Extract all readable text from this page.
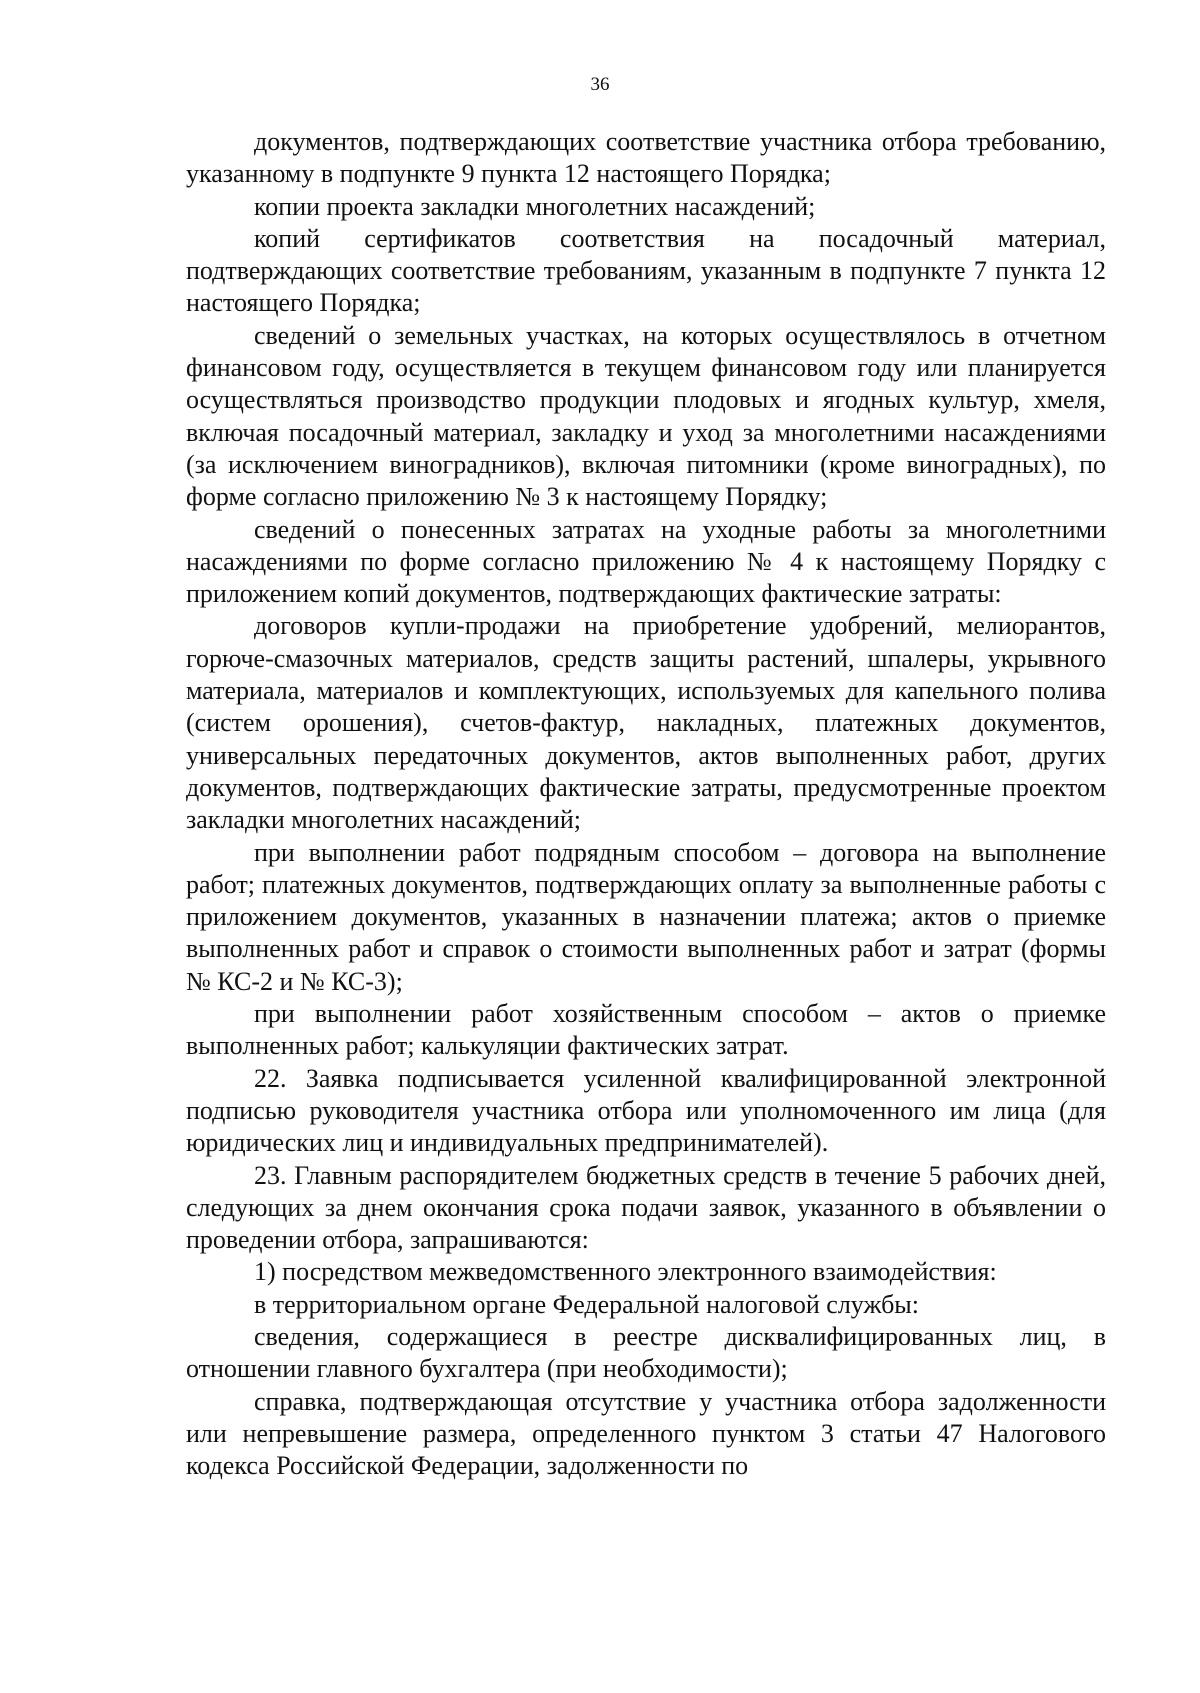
36

документов, подтверждающих соответствие участника отбора требованию, указанному в подпункте 9 пункта 12 настоящего Порядка;

копии проекта закладки многолетних насаждений;

копий сертификатов соответствия на посадочный материал, подтверждающих соответствие требованиям, указанным в подпункте 7 пункта 12 настоящего Порядка;

сведений о земельных участках, на которых осуществлялось в отчетном финансовом году, осуществляется в текущем финансовом году или планируется осуществляться производство продукции плодовых и ягодных культур, хмеля, включая посадочный материал, закладку и уход за многолетними насаждениями (за исключением виноградников), включая питомники (кроме виноградных), по форме согласно приложению № 3 к настоящему Порядку;

сведений о понесенных затратах на уходные работы за многолетними насаждениями по форме согласно приложению № 4 к настоящему Порядку с приложением копий документов, подтверждающих фактические затраты:

договоров купли-продажи на приобретение удобрений, мелиорантов, горюче-смазочных материалов, средств защиты растений, шпалеры, укрывного материала, материалов и комплектующих, используемых для капельного полива (систем орошения), счетов-фактур, накладных, платежных документов, универсальных передаточных документов, актов выполненных работ, других документов, подтверждающих фактические затраты, предусмотренные проектом закладки многолетних насаждений;

при выполнении работ подрядным способом – договора на выполнение работ; платежных документов, подтверждающих оплату за выполненные работы с приложением документов, указанных в назначении платежа; актов о приемке выполненных работ и справок о стоимости выполненных работ и затрат (формы № КС-2 и № КС-3);

при выполнении работ хозяйственным способом – актов о приемке выполненных работ; калькуляции фактических затрат.

22. Заявка подписывается усиленной квалифицированной электронной подписью руководителя участника отбора или уполномоченного им лица (для юридических лиц и индивидуальных предпринимателей).

23. Главным распорядителем бюджетных средств в течение 5 рабочих дней, следующих за днем окончания срока подачи заявок, указанного в объявлении о проведении отбора, запрашиваются:

1) посредством межведомственного электронного взаимодействия:

в территориальном органе Федеральной налоговой службы:

сведения, содержащиеся в реестре дисквалифицированных лиц, в отношении главного бухгалтера (при необходимости);

справка, подтверждающая отсутствие у участника отбора задолженности или непревышение размера, определенного пунктом 3 статьи 47 Налогового кодекса Российской Федерации, задолженности по
